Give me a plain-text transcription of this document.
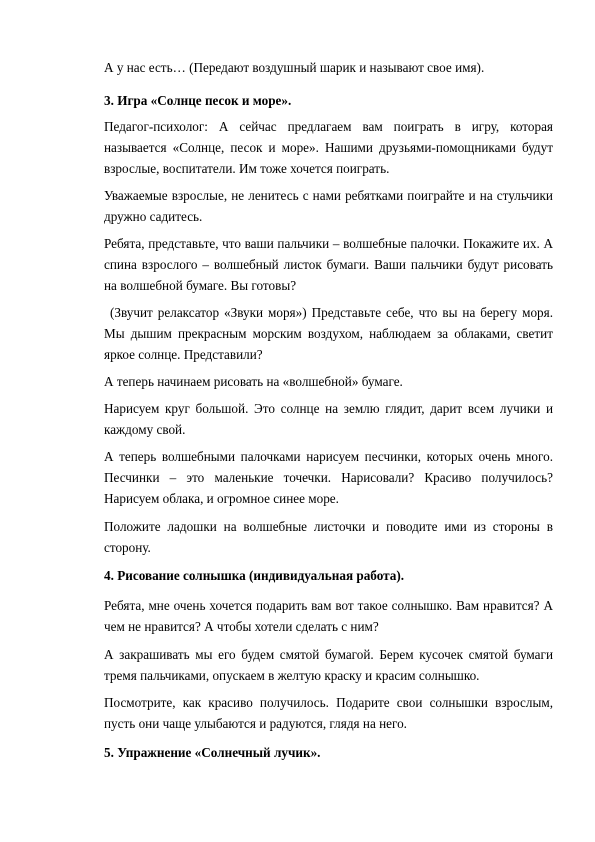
А у нас есть… (Передают воздушный шарик и называют свое имя).

3. Игра «Солнце песок и море».

Педагог-психолог: А сейчас предлагаем вам поиграть в игру, которая называется «Солнце, песок и море». Нашими друзьями-помощниками будут взрослые, воспитатели. Им тоже хочется поиграть.

Уважаемые взрослые, не ленитесь с нами ребятками поиграйте и на стульчики дружно садитесь.

Ребята, представьте, что ваши пальчики – волшебные палочки. Покажите их. А спина взрослого – волшебный листок бумаги. Ваши пальчики будут рисовать на волшебной бумаге. Вы готовы?

(Звучит релаксатор «Звуки моря») Представьте себе, что вы на берегу моря. Мы дышим прекрасным морским воздухом, наблюдаем за облаками, светит яркое солнце. Представили?

А теперь начинаем рисовать на «волшебной» бумаге.

Нарисуем круг большой. Это солнце на землю глядит, дарит всем лучики и каждому свой.

А теперь волшебными палочками нарисуем песчинки, которых очень много. Песчинки – это маленькие точечки. Нарисовали? Красиво получилось? Нарисуем облака, и огромное синее море.

Положите ладошки на волшебные листочки и поводите ими из стороны в сторону.

4. Рисование солнышка (индивидуальная работа).

Ребята, мне очень хочется подарить вам вот такое солнышко. Вам нравится? А чем не нравится? А чтобы хотели сделать с ним?

А закрашивать мы его будем смятой бумагой. Берем кусочек смятой бумаги тремя пальчиками, опускаем в желтую краску и красим солнышко.

Посмотрите, как красиво получилось. Подарите свои солнышки взрослым, пусть они чаще улыбаются и радуются, глядя на него.

5. Упражнение «Солнечный лучик».
